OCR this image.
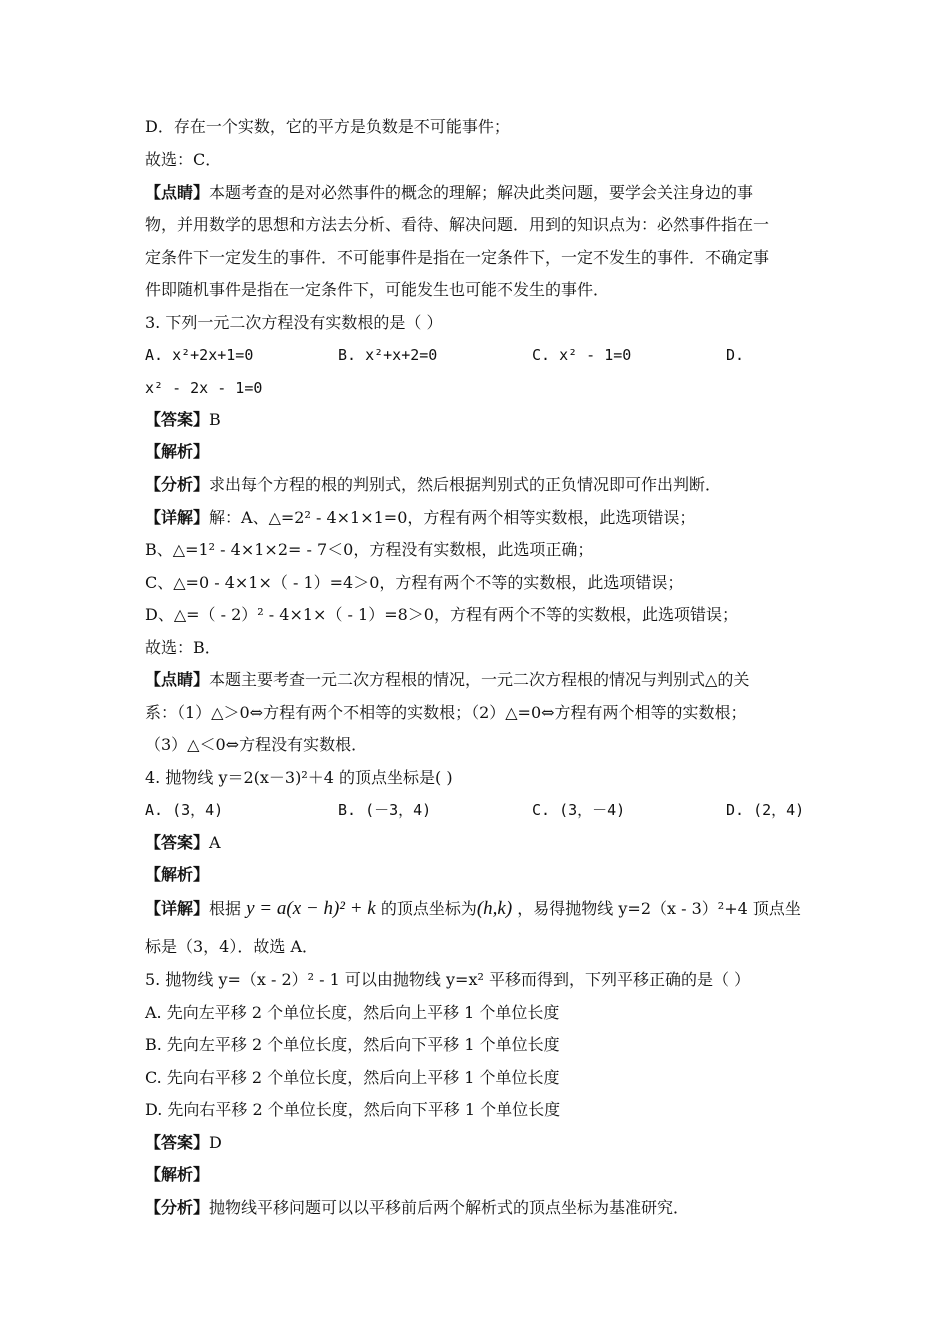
D．存在一个实数，它的平方是负数是不可能事件；
故选：C．
【点睛】本题考查的是对必然事件的概念的理解；解决此类问题，要学会关注身边的事
物，并用数学的思想和方法去分析、看待、解决问题．用到的知识点为：必然事件指在一
定条件下一定发生的事件．不可能事件是指在一定条件下，一定不发生的事件．不确定事
件即随机事件是指在一定条件下，可能发生也可能不发生的事件．
3. 下列一元二次方程没有实数根的是（ ）
A. x²+2x+1=0	B. x²+x+2=0	C. x² - 1=0	D.
x² - 2x - 1=0
【答案】B
【解析】
【分析】求出每个方程的根的判别式，然后根据判别式的正负情况即可作出判断．
【详解】解：A、△=2² - 4×1×1=0，方程有两个相等实数根，此选项错误；
B、△=1² - 4×1×2= - 7＜0，方程没有实数根，此选项正确；
C、△=0 - 4×1×（ - 1）=4＞0，方程有两个不等的实数根，此选项错误；
D、△=（ - 2）² - 4×1×（ - 1）=8＞0，方程有两个不等的实数根，此选项错误；
故选：B．
【点睛】本题主要考查一元二次方程根的情况，一元二次方程根的情况与判别式△的关
系：（1）△＞0⇔方程有两个不相等的实数根；（2）△=0⇔方程有两个相等的实数根；
（3）△＜0⇔方程没有实数根．
4. 抛物线 y＝2(x－3)²＋4 的顶点坐标是( )
A. (3，4)	B. (－3，4)	C. (3，－4)	D. (2，4)
【答案】A
【解析】
【详解】根据 y = a(x − h)² + k 的顶点坐标为(h,k) ，易得抛物线 y=2（x - 3）²+4 顶点坐
标是（3，4）．故选 A．
5. 抛物线 y=（x - 2）² - 1 可以由抛物线 y=x² 平移而得到，下列平移正确的是（ ）
A. 先向左平移 2 个单位长度，然后向上平移 1 个单位长度
B. 先向左平移 2 个单位长度，然后向下平移 1 个单位长度
C. 先向右平移 2 个单位长度，然后向上平移 1 个单位长度
D. 先向右平移 2 个单位长度，然后向下平移 1 个单位长度
【答案】D
【解析】
【分析】抛物线平移问题可以以平移前后两个解析式的顶点坐标为基准研究．
